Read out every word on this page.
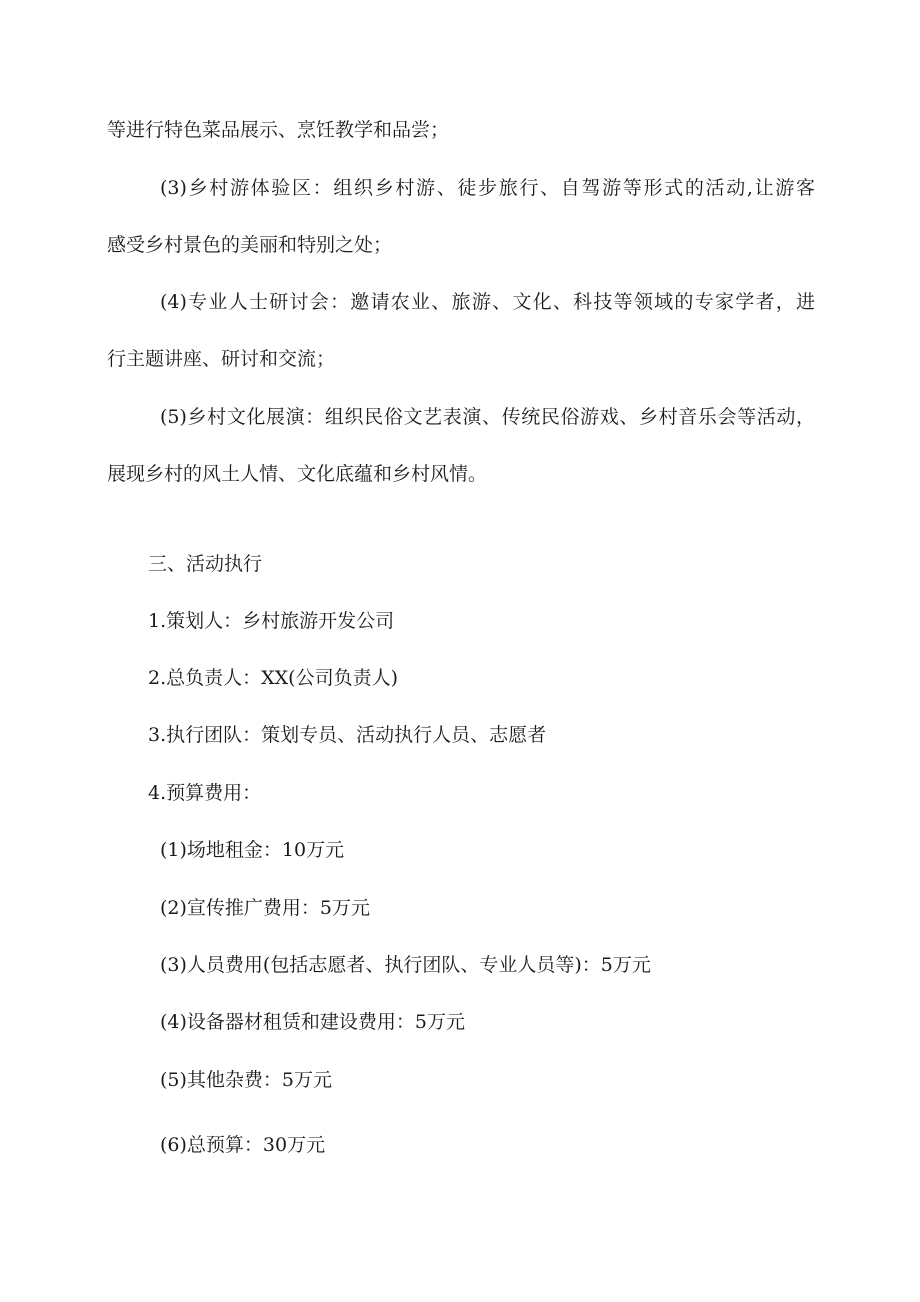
等进行特色菜品展示、烹饪教学和品尝；
(3)乡村游体验区：组织乡村游、徒步旅行、自驾游等形式的活动,让游客
感受乡村景色的美丽和特别之处；
(4)专业人士研讨会：邀请农业、旅游、文化、科技等领域的专家学者，进
行主题讲座、研讨和交流；
(5)乡村文化展演：组织民俗文艺表演、传统民俗游戏、乡村音乐会等活动，
展现乡村的风土人情、文化底蕴和乡村风情。
三、活动执行
1.策划人：乡村旅游开发公司
2.总负责人：XX(公司负责人)
3.执行团队：策划专员、活动执行人员、志愿者
4.预算费用：
(1)场地租金：10万元
(2)宣传推广费用：5万元
(3)人员费用(包括志愿者、执行团队、专业人员等)：5万元
(4)设备器材租赁和建设费用：5万元
(5)其他杂费：5万元
(6)总预算：30万元
